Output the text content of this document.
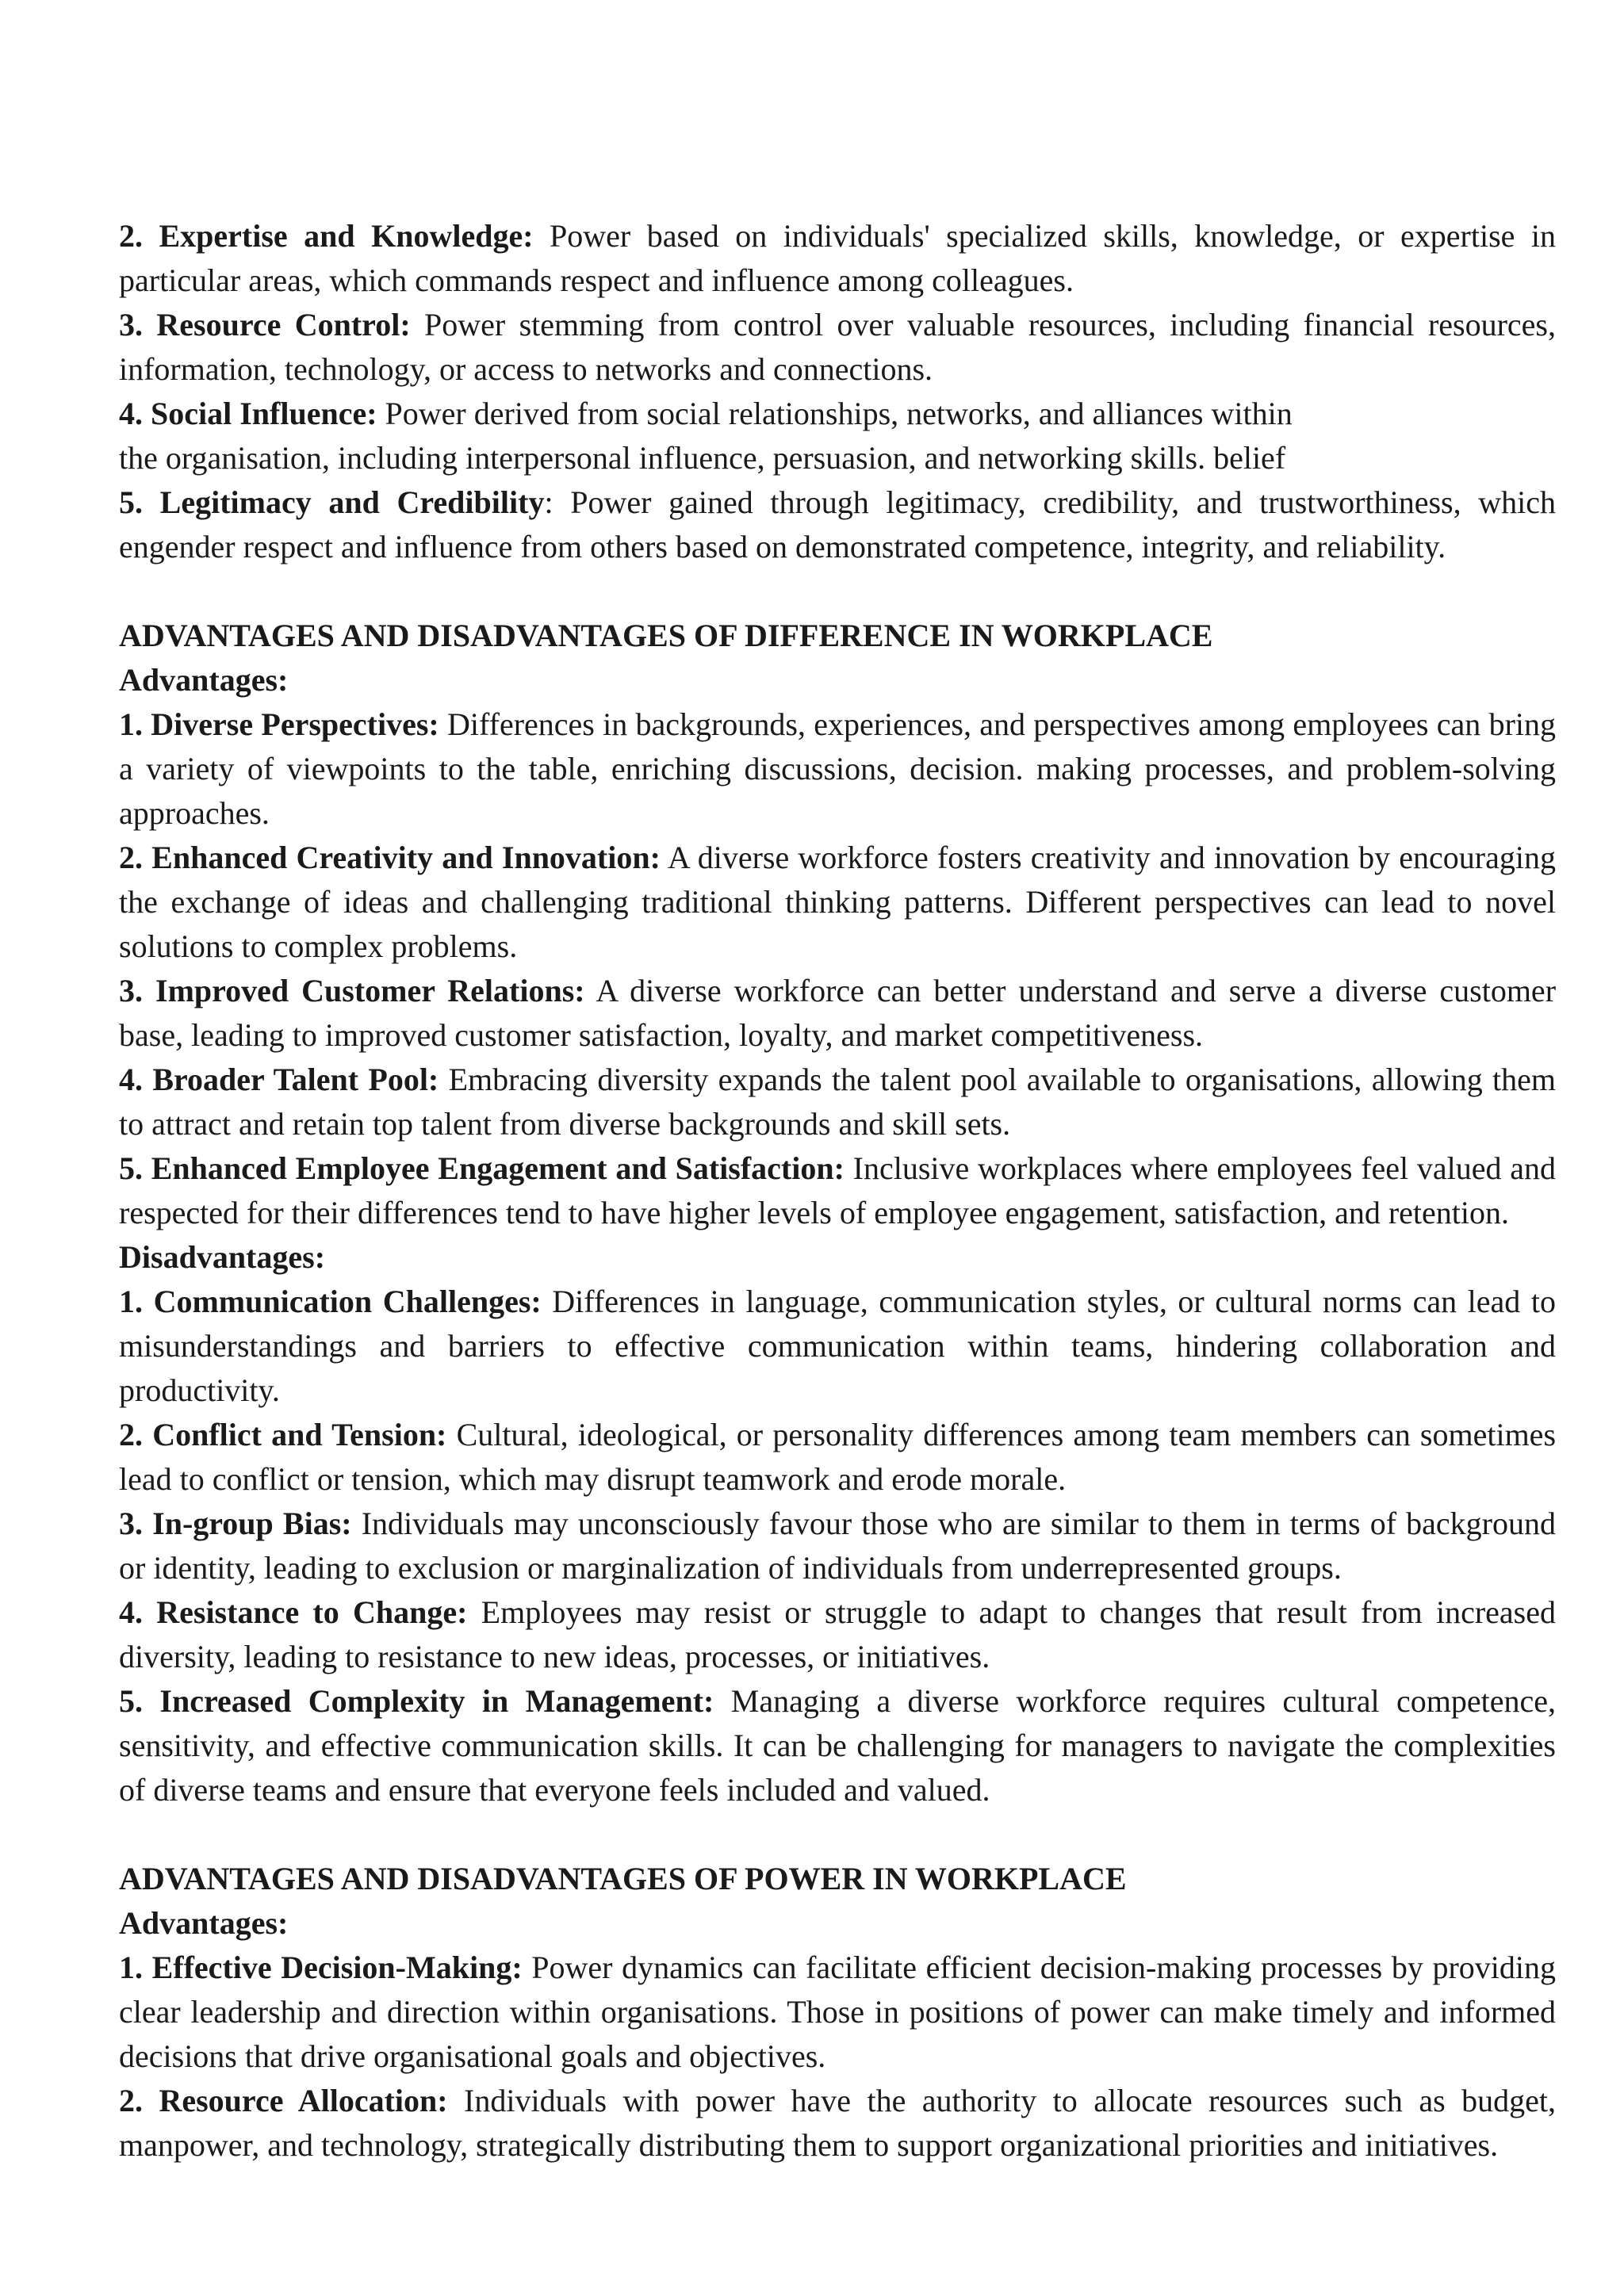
2. Expertise and Knowledge: Power based on individuals' specialized skills, knowledge, or expertise in particular areas, which commands respect and influence among colleagues.

3. Resource Control: Power stemming from control over valuable resources, including financial resources, information, technology, or access to networks and connections.

4. Social Influence: Power derived from social relationships, networks, and alliances within
the organisation, including interpersonal influence, persuasion, and networking skills. belief

5. Legitimacy and Credibility: Power gained through legitimacy, credibility, and trustworthiness, which engender respect and influence from others based on demonstrated competence, integrity, and reliability.

ADVANTAGES AND DISADVANTAGES OF DIFFERENCE IN WORKPLACE

Advantages:

1. Diverse Perspectives: Differences in backgrounds, experiences, and perspectives among employees can bring a variety of viewpoints to the table, enriching discussions, decision. making processes, and problem-solving approaches.

2. Enhanced Creativity and Innovation: A diverse workforce fosters creativity and innovation by encouraging the exchange of ideas and challenging traditional thinking patterns. Different perspectives can lead to novel solutions to complex problems.

3. Improved Customer Relations: A diverse workforce can better understand and serve a diverse customer base, leading to improved customer satisfaction, loyalty, and market competitiveness.

4. Broader Talent Pool: Embracing diversity expands the talent pool available to organisations, allowing them to attract and retain top talent from diverse backgrounds and skill sets.

5. Enhanced Employee Engagement and Satisfaction: Inclusive workplaces where employees feel valued and respected for their differences tend to have higher levels of employee engagement, satisfaction, and retention.

Disadvantages:

1. Communication Challenges: Differences in language, communication styles, or cultural norms can lead to misunderstandings and barriers to effective communication within teams, hindering collaboration and productivity.

2. Conflict and Tension: Cultural, ideological, or personality differences among team members can sometimes lead to conflict or tension, which may disrupt teamwork and erode morale.

3. In-group Bias: Individuals may unconsciously favour those who are similar to them in terms of background or identity, leading to exclusion or marginalization of individuals from underrepresented groups.

4. Resistance to Change: Employees may resist or struggle to adapt to changes that result from increased diversity, leading to resistance to new ideas, processes, or initiatives.

5. Increased Complexity in Management: Managing a diverse workforce requires cultural competence, sensitivity, and effective communication skills. It can be challenging for managers to navigate the complexities of diverse teams and ensure that everyone feels included and valued.

ADVANTAGES AND DISADVANTAGES OF POWER IN WORKPLACE

Advantages:

1. Effective Decision-Making: Power dynamics can facilitate efficient decision-making processes by providing clear leadership and direction within organisations. Those in positions of power can make timely and informed decisions that drive organisational goals and objectives.

2. Resource Allocation: Individuals with power have the authority to allocate resources such as budget, manpower, and technology, strategically distributing them to support organizational priorities and initiatives.
